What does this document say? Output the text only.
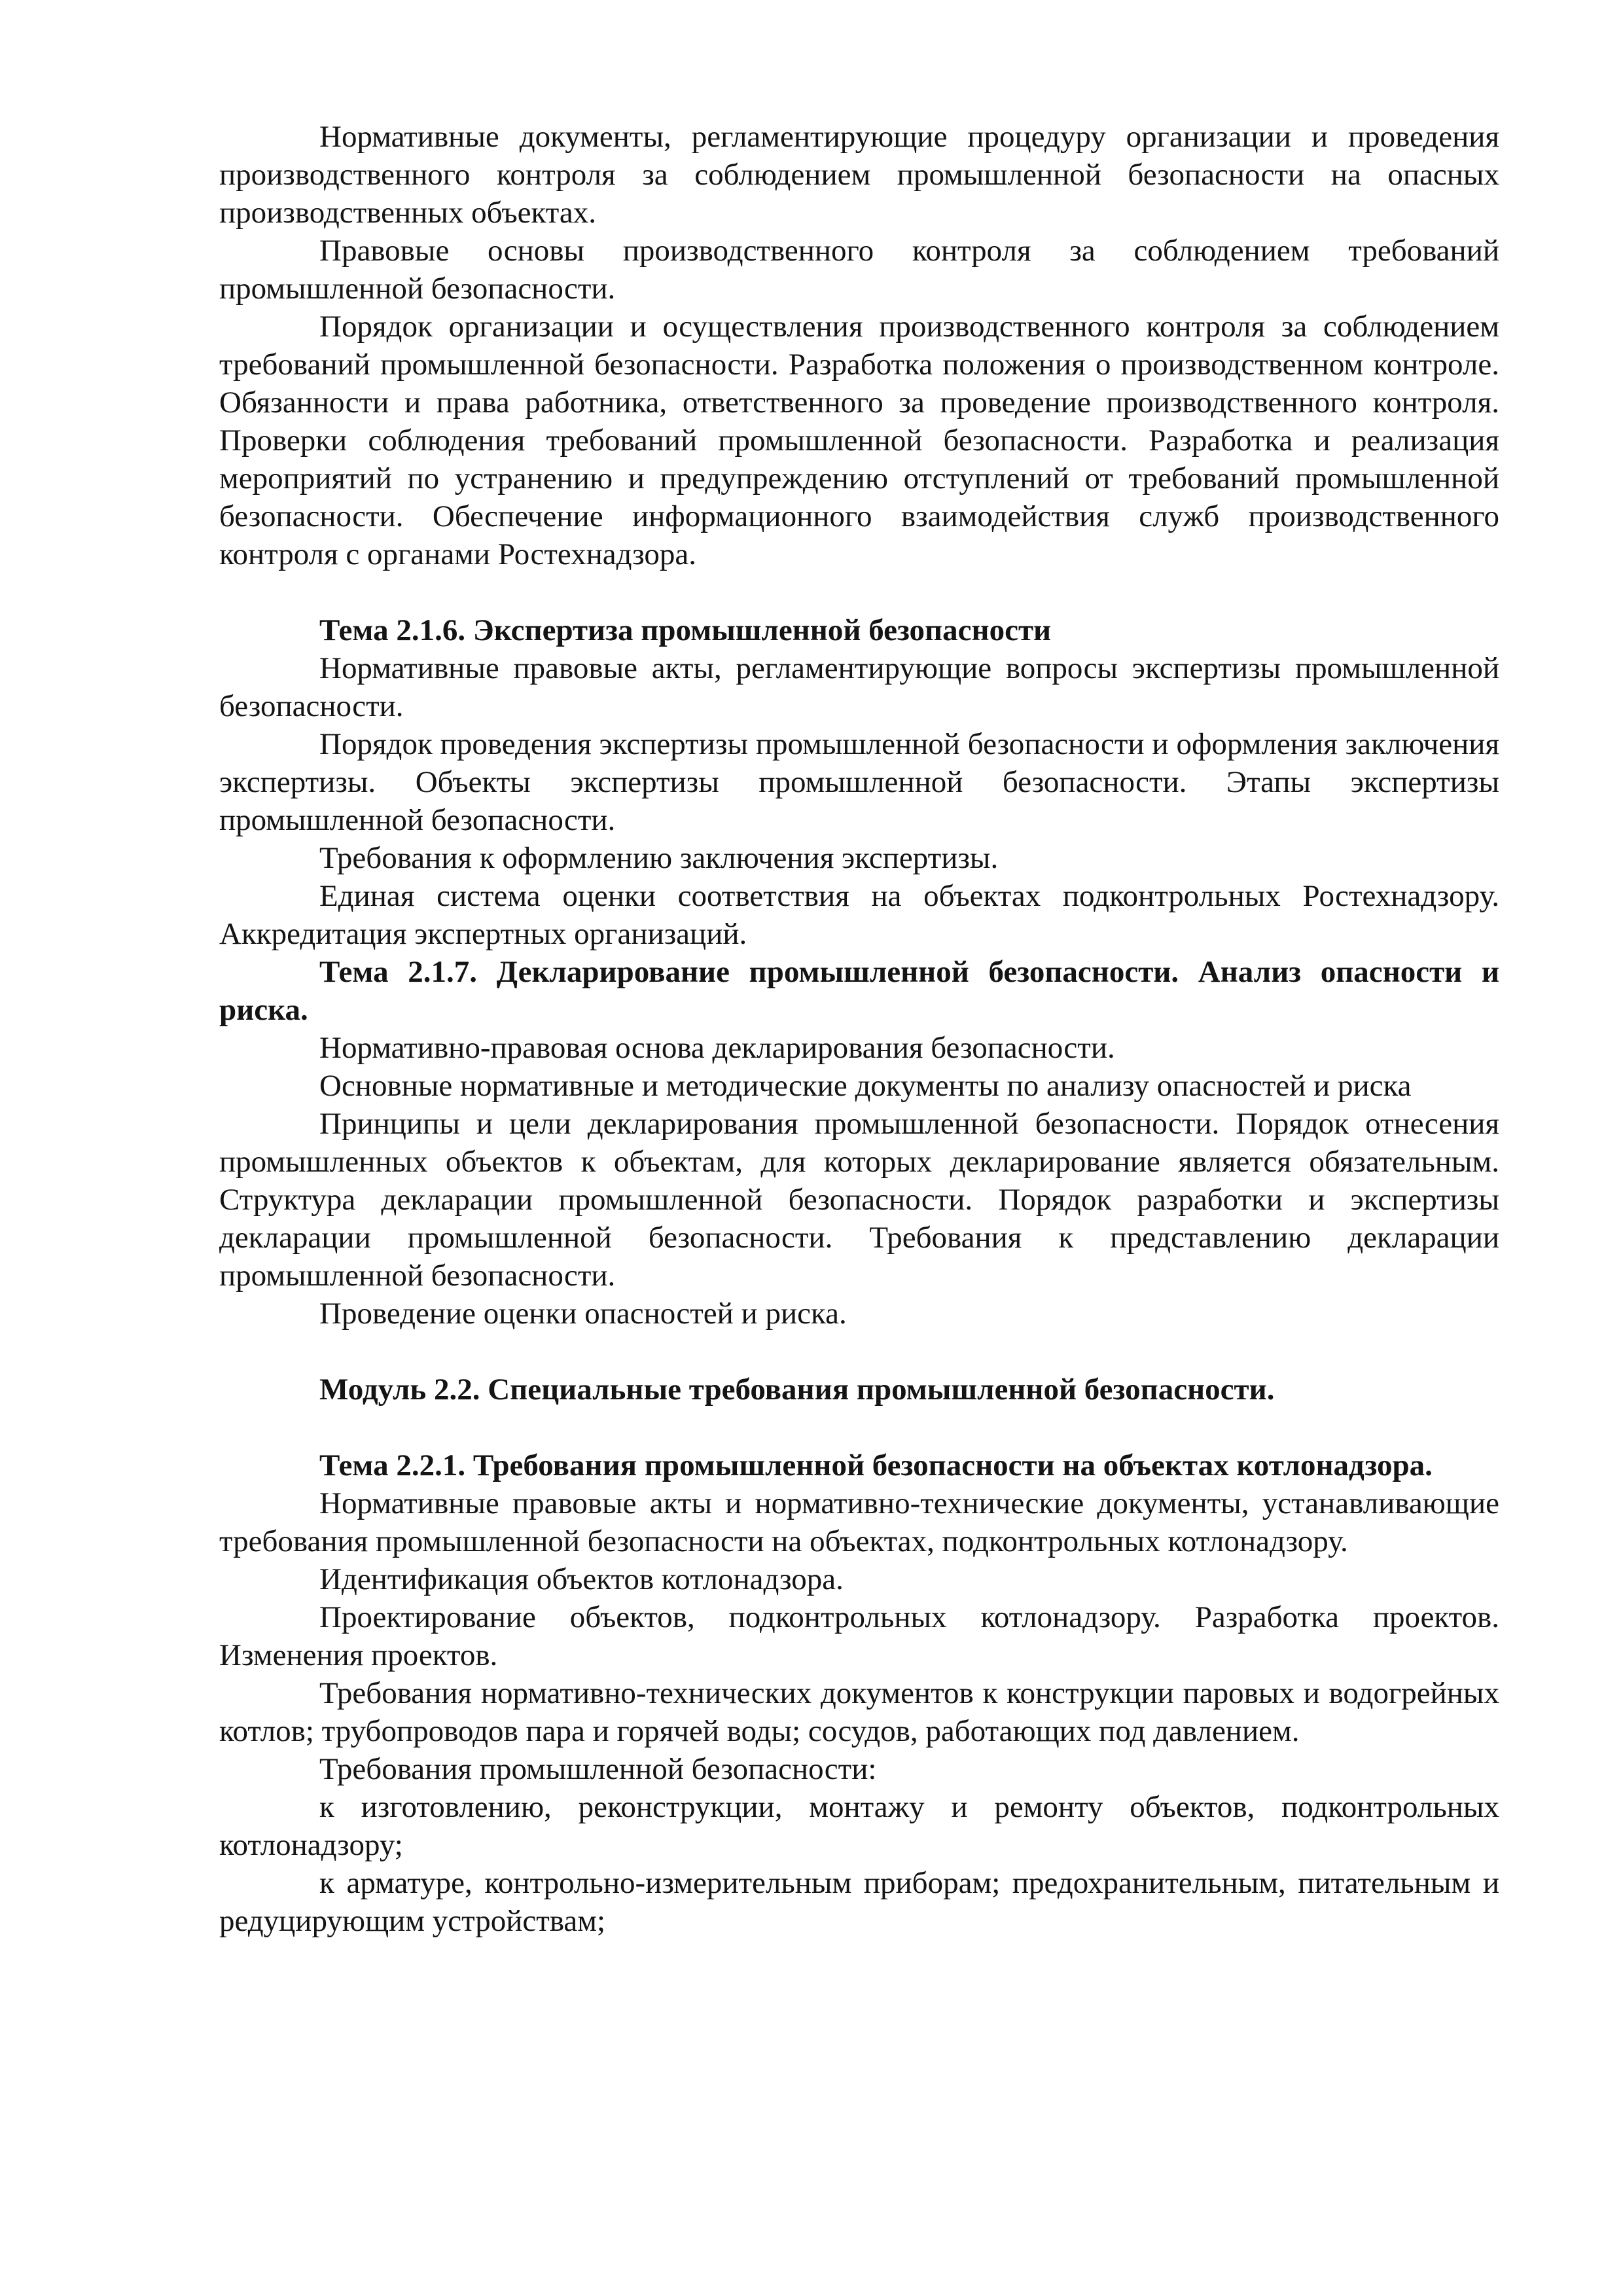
Нормативные документы, регламентирующие процедуру организации и проведения производственного контроля за соблюдением промышленной безопасности на опасных производственных объектах.

Правовые основы производственного контроля за соблюдением требований промышленной безопасности.

Порядок организации и осуществления производственного контроля за соблюдением требований промышленной безопасности. Разработка положения о производственном контроле. Обязанности и права работника, ответственного за проведение производственного контроля. Проверки соблюдения требований промышленной безопасности. Разработка и реализация мероприятий по устранению и предупреждению отступлений от требований промышленной безопасности. Обеспечение информационного взаимодействия служб производственного контроля с органами Ростехнадзора.

Тема 2.1.6. Экспертиза промышленной безопасности

Нормативные правовые акты, регламентирующие вопросы экспертизы промышленной безопасности.

Порядок проведения экспертизы промышленной безопасности и оформления заключения экспертизы. Объекты экспертизы промышленной безопасности. Этапы экспертизы промышленной безопасности.

Требования к оформлению заключения экспертизы.

Единая система оценки соответствия на объектах подконтрольных Ростехнадзору. Аккредитация экспертных организаций.

Тема 2.1.7. Декларирование промышленной безопасности. Анализ опасности и риска.

Нормативно-правовая основа декларирования безопасности.

Основные нормативные и методические документы по анализу опасностей и риска

Принципы и цели декларирования промышленной безопасности. Порядок отнесения промышленных объектов к объектам, для которых декларирование является обязательным. Структура декларации промышленной безопасности. Порядок разработки и экспертизы декларации промышленной безопасности. Требования к представлению декларации промышленной безопасности.

Проведение оценки опасностей и риска.

Модуль 2.2. Специальные требования промышленной безопасности.

Тема 2.2.1. Требования промышленной безопасности на объектах котлонадзора.

Нормативные правовые акты и нормативно-технические документы, устанавливающие требования промышленной безопасности на объектах, подконтрольных котлонадзору.

Идентификация объектов котлонадзора.

Проектирование объектов, подконтрольных котлонадзору. Разработка проектов. Изменения проектов.

Требования нормативно-технических документов к конструкции паровых и водогрейных котлов; трубопроводов пара и горячей воды; сосудов, работающих под давлением.

Требования промышленной безопасности:

к изготовлению, реконструкции, монтажу и ремонту объектов, подконтрольных котлонадзору;

к арматуре, контрольно-измерительным приборам; предохранительным, питательным и редуцирующим устройствам;
